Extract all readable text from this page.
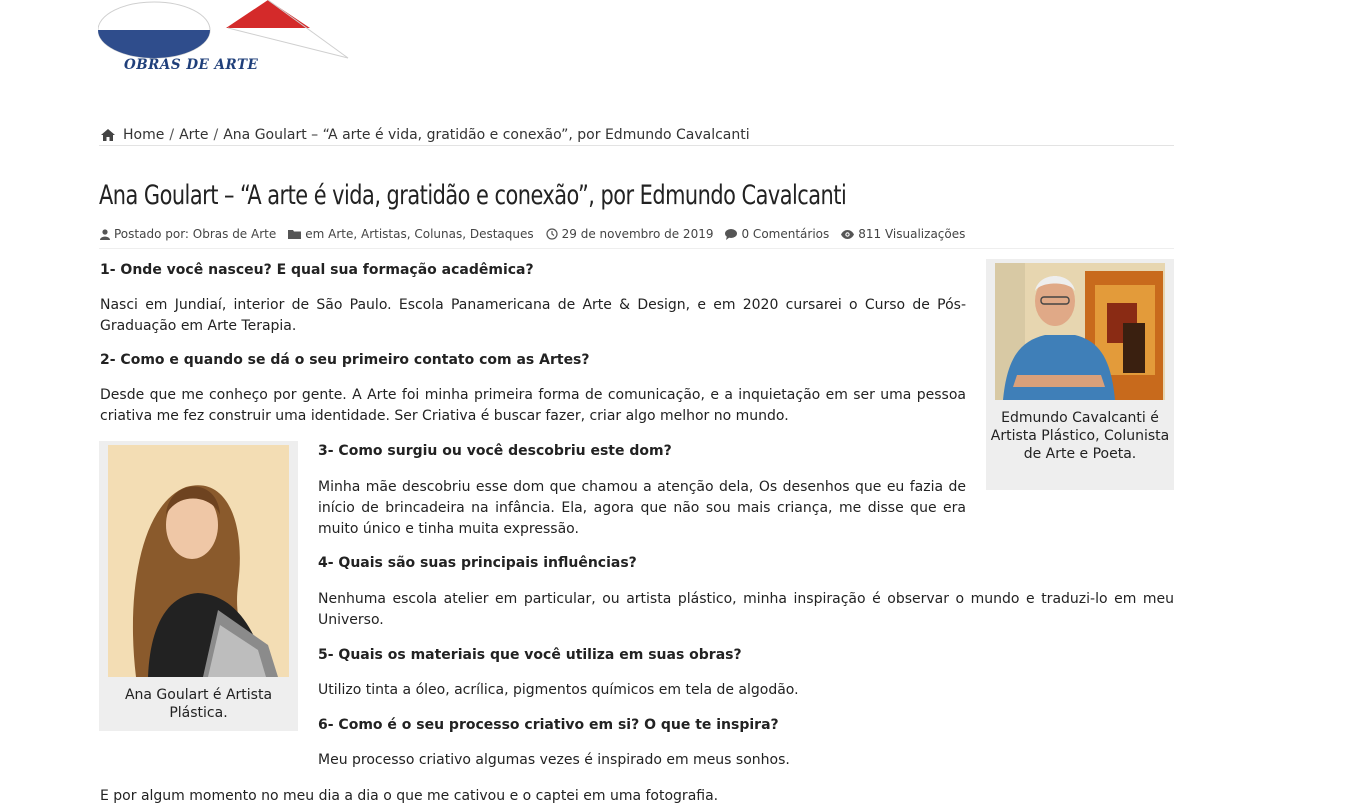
OBRAS DE ARTE
Home / Arte / Ana Goulart – “A arte é vida, gratidão e conexão”, por Edmundo Cavalcanti
Ana Goulart – “A arte é vida, gratidão e conexão”, por Edmundo Cavalcanti
Postado por: Obras de Arte em Arte, Artistas, Colunas, Destaques 29 de novembro de 2019 0 Comentários 811 Visualizações
1- Onde você nasceu? E qual sua formação acadêmica?

Nasci em Jundiaí, interior de São Paulo. Escola Panamericana de Arte & Design, e em 2020 cursarei o Curso de Pós-Graduação em Arte Terapia.

2- Como e quando se dá o seu primeiro contato com as Artes?

Desde que me conheço por gente. A Arte foi minha primeira forma de comunicação, e a inquietação em ser uma pessoa criativa me fez construir uma identidade. Ser Criativa é buscar fazer, criar algo melhor no mundo.

3- Como surgiu ou você descobriu este dom?

Minha mãe descobriu esse dom que chamou a atenção dela, Os desenhos que eu fazia de início de brincadeira na infância. Ela, agora que não sou mais criança, me disse que era muito único e tinha muita expressão.

4- Quais são suas principais influências?

Nenhuma escola atelier em particular, ou artista plástico, minha inspiração é observar o mundo e traduzi-lo em meu Universo.

5- Quais os materiais que você utiliza em suas obras?

Utilizo tinta a óleo, acrílica, pigmentos químicos em tela de algodão.

6- Como é o seu processo criativo em si? O que te inspira?

Meu processo criativo algumas vezes é inspirado em meus sonhos.

E por algum momento no meu dia a dia o que me cativou e o captei em uma fotografia.

Edmundo Cavalcanti é Artista Plástico, Colunista de Arte e Poeta.
Ana Goulart é Artista Plástica.
